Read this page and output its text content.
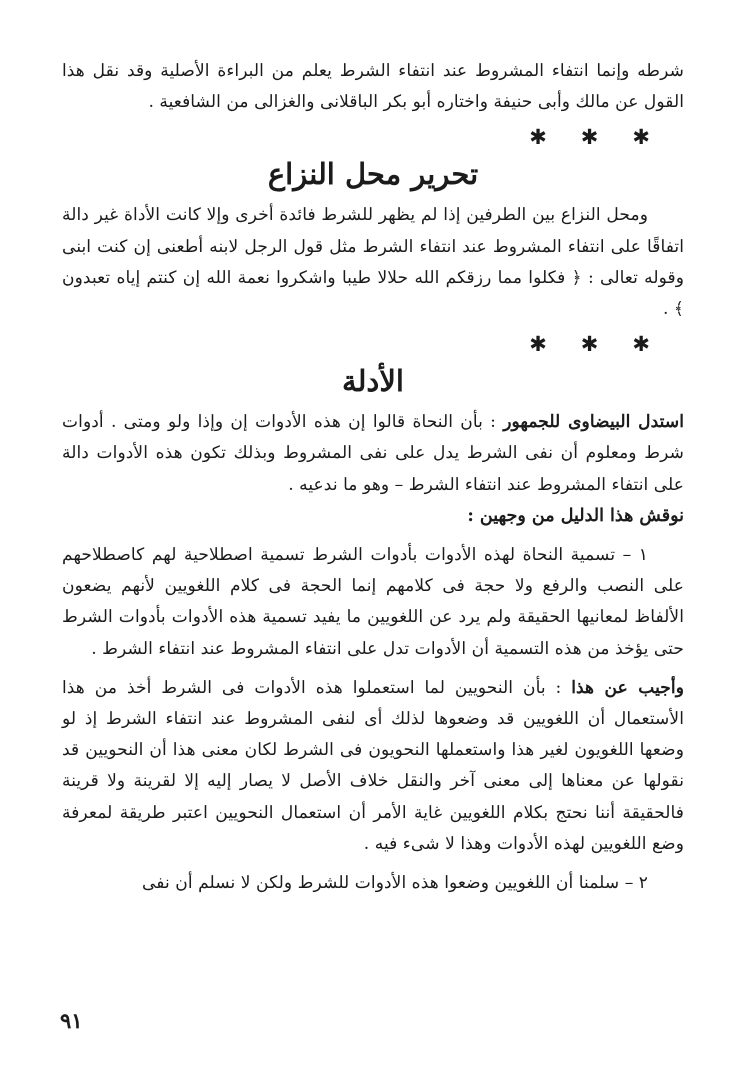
شرطه وإنما انتفاء المشروط عند انتفاء الشرط يعلم من البراءة الأصلية وقد نقل هذا القول عن مالك وأبى حنيفة واختاره أبو بكر الباقلانى والغزالى من الشافعية .

✱✱✱
تحرير محل النزاع

ومحل النزاع بين الطرفين إذا لم يظهر للشرط فائدة أخرى وإلا كانت الأداة غير دالة اتفاقًا على انتفاء المشروط عند انتفاء الشرط مثل قول الرجل لابنه أطعنى إن كنت ابنى وقوله تعالى : ﴿ فكلوا مما رزقكم الله حلالا طيبا واشكروا نعمة الله إن كنتم إياه تعبدون ﴾ .

✱✱✱
الأدلة

استدل البيضاوى للجمهور : بأن النحاة قالوا إن هذه الأدوات إن وإذا ولو ومتى . أدوات شرط ومعلوم أن نفى الشرط يدل على نفى المشروط وبذلك تكون هذه الأدوات دالة على انتفاء المشروط عند انتفاء الشرط – وهو ما ندعيه .

نوقش هذا الدليل من وجهين :

١ – تسمية النحاة لهذه الأدوات بأدوات الشرط تسمية اصطلاحية لهم كاصطلاحهم على النصب والرفع ولا حجة فى كلامهم إنما الحجة فى كلام اللغويين لأنهم يضعون الألفاظ لمعانيها الحقيقة ولم يرد عن اللغويين ما يفيد تسمية هذه الأدوات بأدوات الشرط حتى يؤخذ من هذه التسمية أن الأدوات تدل على انتفاء المشروط عند انتفاء الشرط .

وأجيب عن هذا : بأن النحويين لما استعملوا هذه الأدوات فى الشرط أخذ من هذا الأستعمال أن اللغويين قد وضعوها لذلك أى لنفى المشروط عند انتفاء الشرط إذ لو وضعها اللغويون لغير هذا واستعملها النحويون فى الشرط لكان معنى هذا أن النحويين قد نقولها عن معناها إلى معنى آخر والنقل خلاف الأصل لا يصار إليه إلا لقرينة ولا قرينة فالحقيقة أننا نحتج بكلام اللغويين غاية الأمر أن استعمال النحويين اعتبر طريقة لمعرفة وضع اللغويين لهذه الأدوات وهذا لا شىء فيه .

٢ – سلمنا أن اللغويين وضعوا هذه الأدوات للشرط ولكن لا نسلم أن نفى

٩١
